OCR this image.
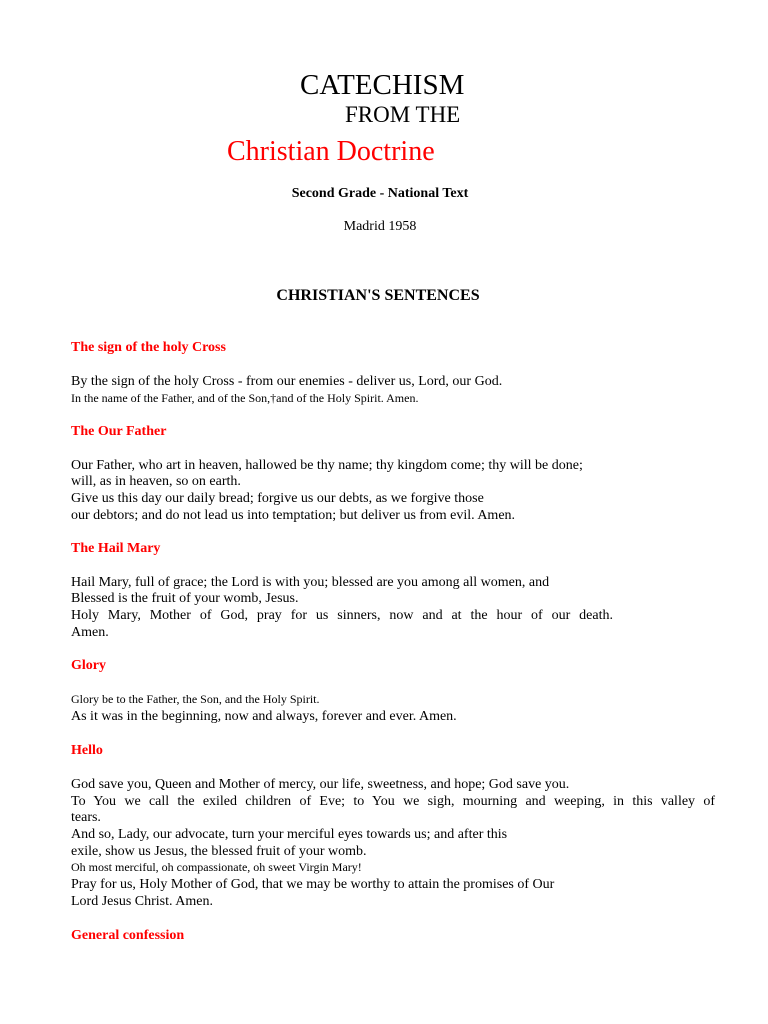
CATECHISM
FROM THE
Christian Doctrine
Second Grade - National Text
Madrid 1958
CHRISTIAN'S SENTENCES
The sign of the holy Cross
By the sign of the holy Cross - from our enemies - deliver us, Lord, our God.
In the name of the Father, and of the Son,†and of the Holy Spirit. Amen.
The Our Father
Our Father, who art in heaven, hallowed be thy name; thy kingdom come; thy will be done;
will, as in heaven, so on earth.
Give us this day our daily bread; forgive us our debts, as we forgive those
our debtors; and do not lead us into temptation; but deliver us from evil. Amen.
The Hail Mary
Hail Mary, full of grace; the Lord is with you; blessed are you among all women, and
Blessed is the fruit of your womb, Jesus.
Holy Mary, Mother of God, pray for us sinners, now and at the hour of our death.
Amen.
Glory
Glory be to the Father, the Son, and the Holy Spirit.
As it was in the beginning, now and always, forever and ever. Amen.
Hello
God save you, Queen and Mother of mercy, our life, sweetness, and hope; God save you.
To You we call the exiled children of Eve; to You we sigh, mourning and weeping, in this valley of
tears.
And so, Lady, our advocate, turn your merciful eyes towards us; and after this
exile, show us Jesus, the blessed fruit of your womb.
Oh most merciful, oh compassionate, oh sweet Virgin Mary!
Pray for us, Holy Mother of God, that we may be worthy to attain the promises of Our
Lord Jesus Christ. Amen.
General confession
